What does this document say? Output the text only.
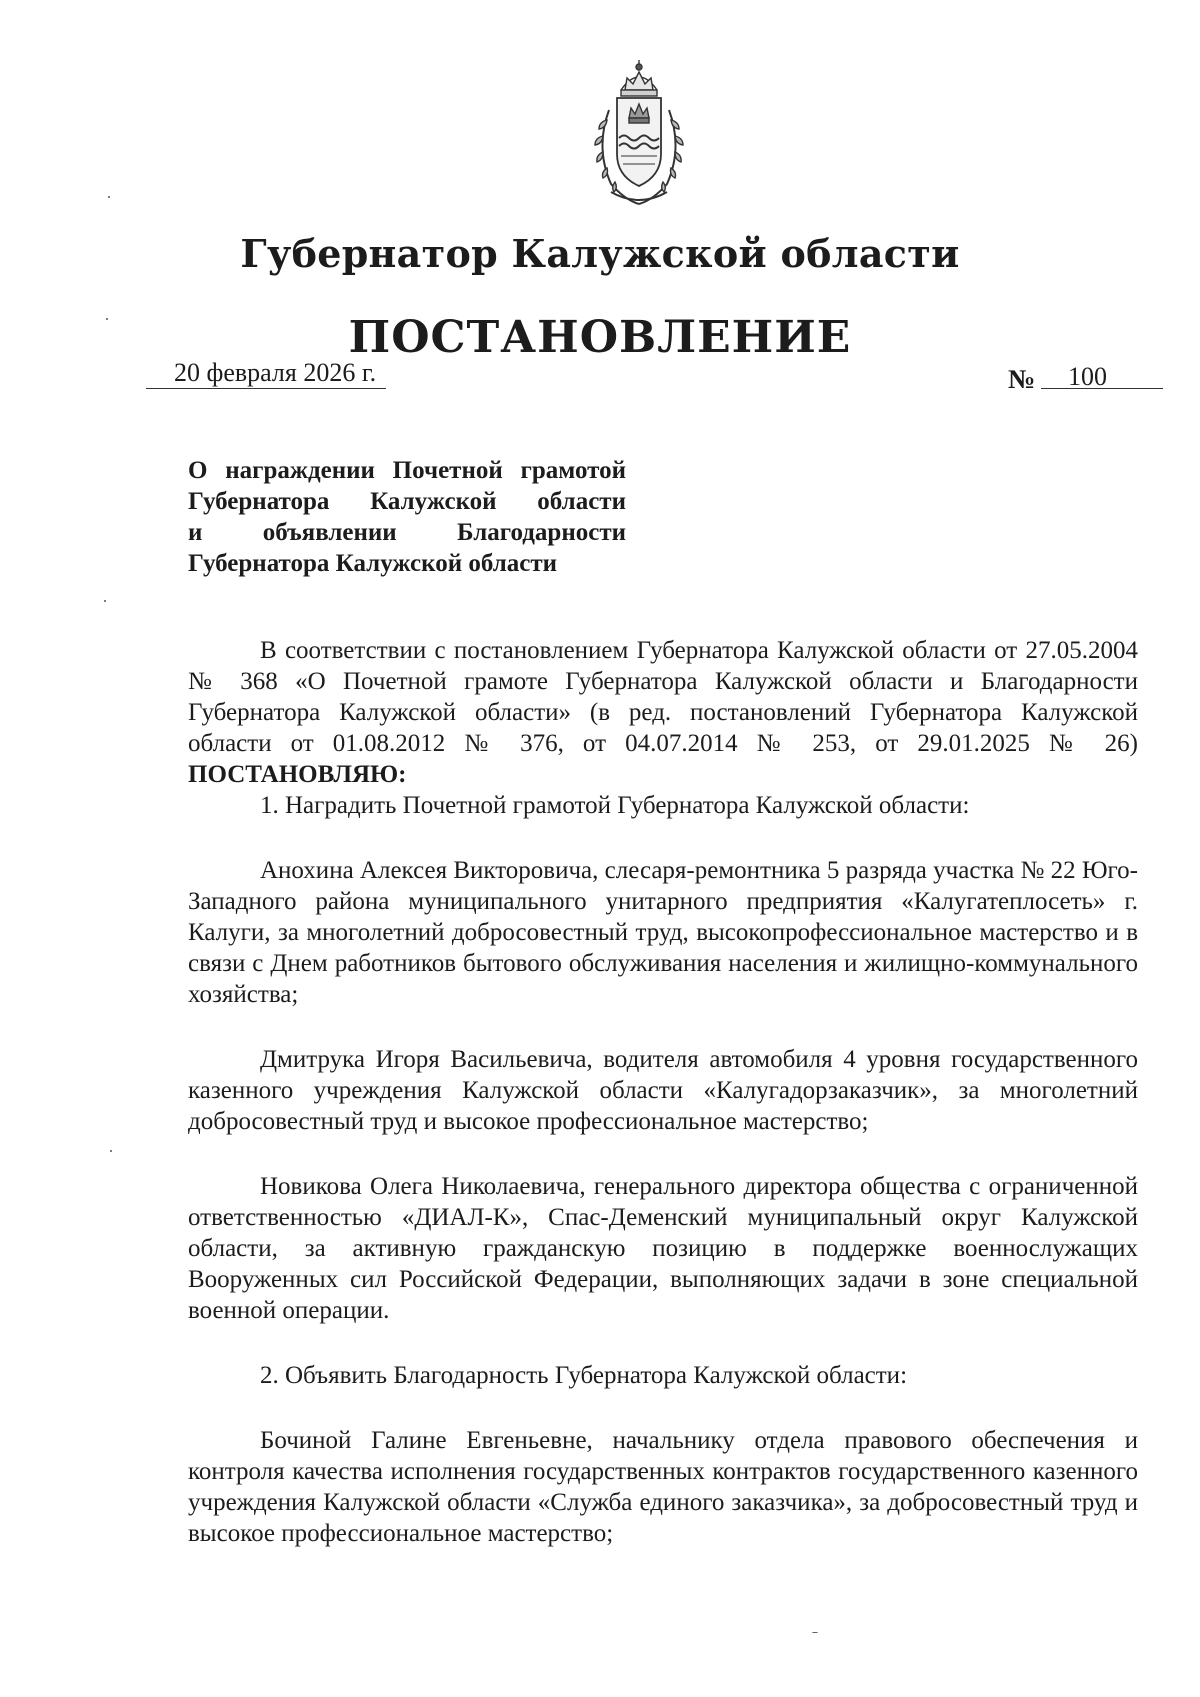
Губернатор Калужской области
ПОСТАНОВЛЕНИЕ
20 февраля 2026 г.	№ 100
О награждении Почетной грамотой
Губернатора Калужской области
и объявлении Благодарности
Губернатора Калужской области

В соответствии с постановлением Губернатора Калужской области от 27.05.2004 № 368 «О Почетной грамоте Губернатора Калужской области и Благодарности Губернатора Калужской области» (в ред. постановлений Губернатора Калужской области от 01.08.2012 № 376, от 04.07.2014 № 253, от 29.01.2025 № 26) ПОСТАНОВЛЯЮ:

1. Наградить Почетной грамотой Губернатора Калужской области:

Анохина Алексея Викторовича, слесаря-ремонтника 5 разряда участка № 22 Юго-Западного района муниципального унитарного предприятия «Калугатеплосеть» г. Калуги, за многолетний добросовестный труд, высокопрофессиональное мастерство и в связи с Днем работников бытового обслуживания населения и жилищно-коммунального хозяйства;

Дмитрука Игоря Васильевича, водителя автомобиля 4 уровня государственного казенного учреждения Калужской области «Калугадорзаказчик», за многолетний добросовестный труд и высокое профессиональное мастерство;

Новикова Олега Николаевича, генерального директора общества с ограниченной ответственностью «ДИАЛ-К», Спас-Деменский муниципальный округ Калужской области, за активную гражданскую позицию в поддержке военнослужащих Вооруженных сил Российской Федерации, выполняющих задачи в зоне специальной военной операции.

2. Объявить Благодарность Губернатора Калужской области:

Бочиной Галине Евгеньевне, начальнику отдела правового обеспечения и контроля качества исполнения государственных контрактов государственного казенного учреждения Калужской области «Служба единого заказчика», за добросовестный труд и высокое профессиональное мастерство;
